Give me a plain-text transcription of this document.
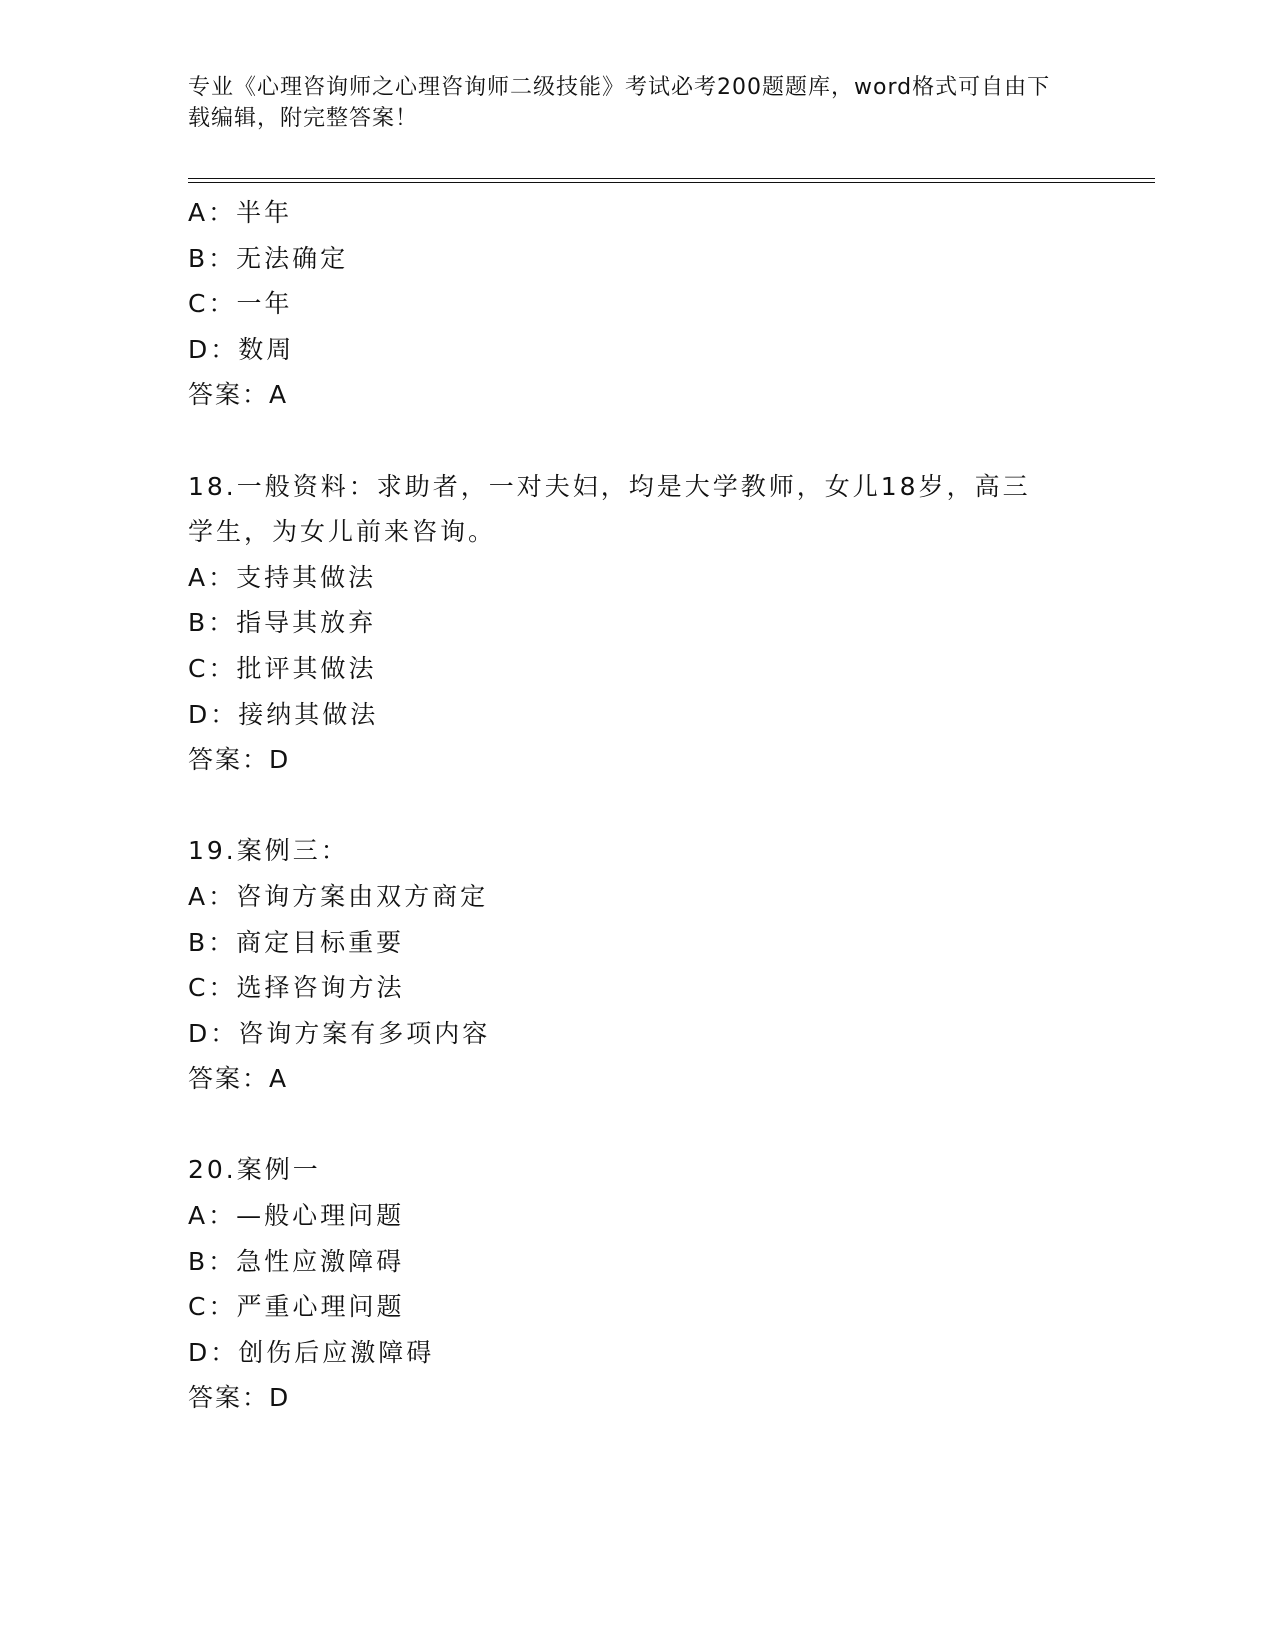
专业《心理咨询师之心理咨询师二级技能》考试必考200题题库，word格式可自由下载编辑，附完整答案！
A：半年
B：无法确定
C：一年
D：数周
答案：A
18.一般资料：求助者，一对夫妇，均是大学教师，女儿18岁，高三
学生，为女儿前来咨询。
A：支持其做法
B：指导其放弃
C：批评其做法
D：接纳其做法
答案：D
19.案例三：
A：咨询方案由双方商定
B：商定目标重要
C：选择咨询方法
D：咨询方案有多项内容
答案：A
20.案例一
A：—般心理问题
B：急性应激障碍
C：严重心理问题
D：创伤后应激障碍
答案：D
